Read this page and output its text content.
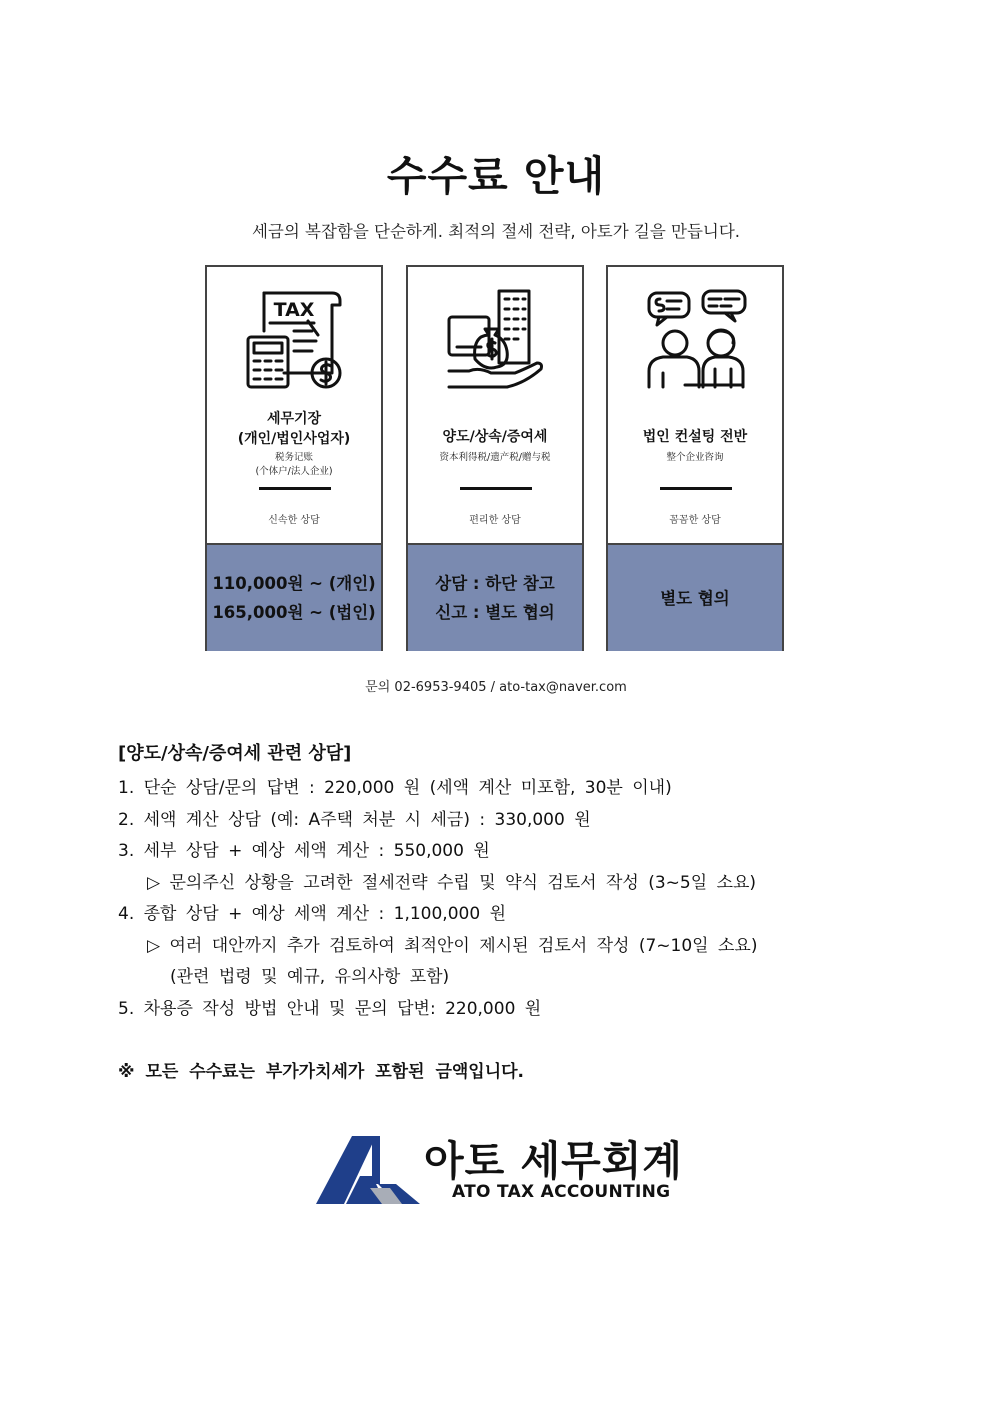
수수료 안내
세금의 복잡함을 단순하게. 최적의 절세 전략, 아토가 길을 만듭니다.
TAX
세무기장
(개인/법인사업자)
税务记账
(个体户/法人企业)
신속한 상담
110,000원 ~ (개인)
165,000원 ~ (법인)
양도/상속/증여세
资本利得税/遗产税/赠与税
편리한 상담
상담 : 하단 참고
신고 : 별도 협의
법인 컨설팅 전반
整个企业咨询
꼼꼼한 상담
별도 협의
문의 02-6953-9405 / ato-tax@naver.com
[양도/상속/증여세 관련 상담]
1. 단순 상담/문의 답변 : 220,000 원 (세액 계산 미포함, 30분 이내)
2. 세액 계산 상담 (예: A주택 처분 시 세금) : 330,000 원
3. 세부 상담 + 예상 세액 계산 : 550,000 원
▷ 문의주신 상황을 고려한 절세전략 수립 및 약식 검토서 작성 (3~5일 소요)
4. 종합 상담 + 예상 세액 계산 : 1,100,000 원
▷ 여러 대안까지 추가 검토하여 최적안이 제시된 검토서 작성 (7~10일 소요)
(관련 법령 및 예규, 유의사항 포함)
5. 차용증 작성 방법 안내 및 문의 답변: 220,000 원
※ 모든 수수료는 부가가치세가 포함된 금액입니다.
아토 세무회계
ATO TAX ACCOUNTING
